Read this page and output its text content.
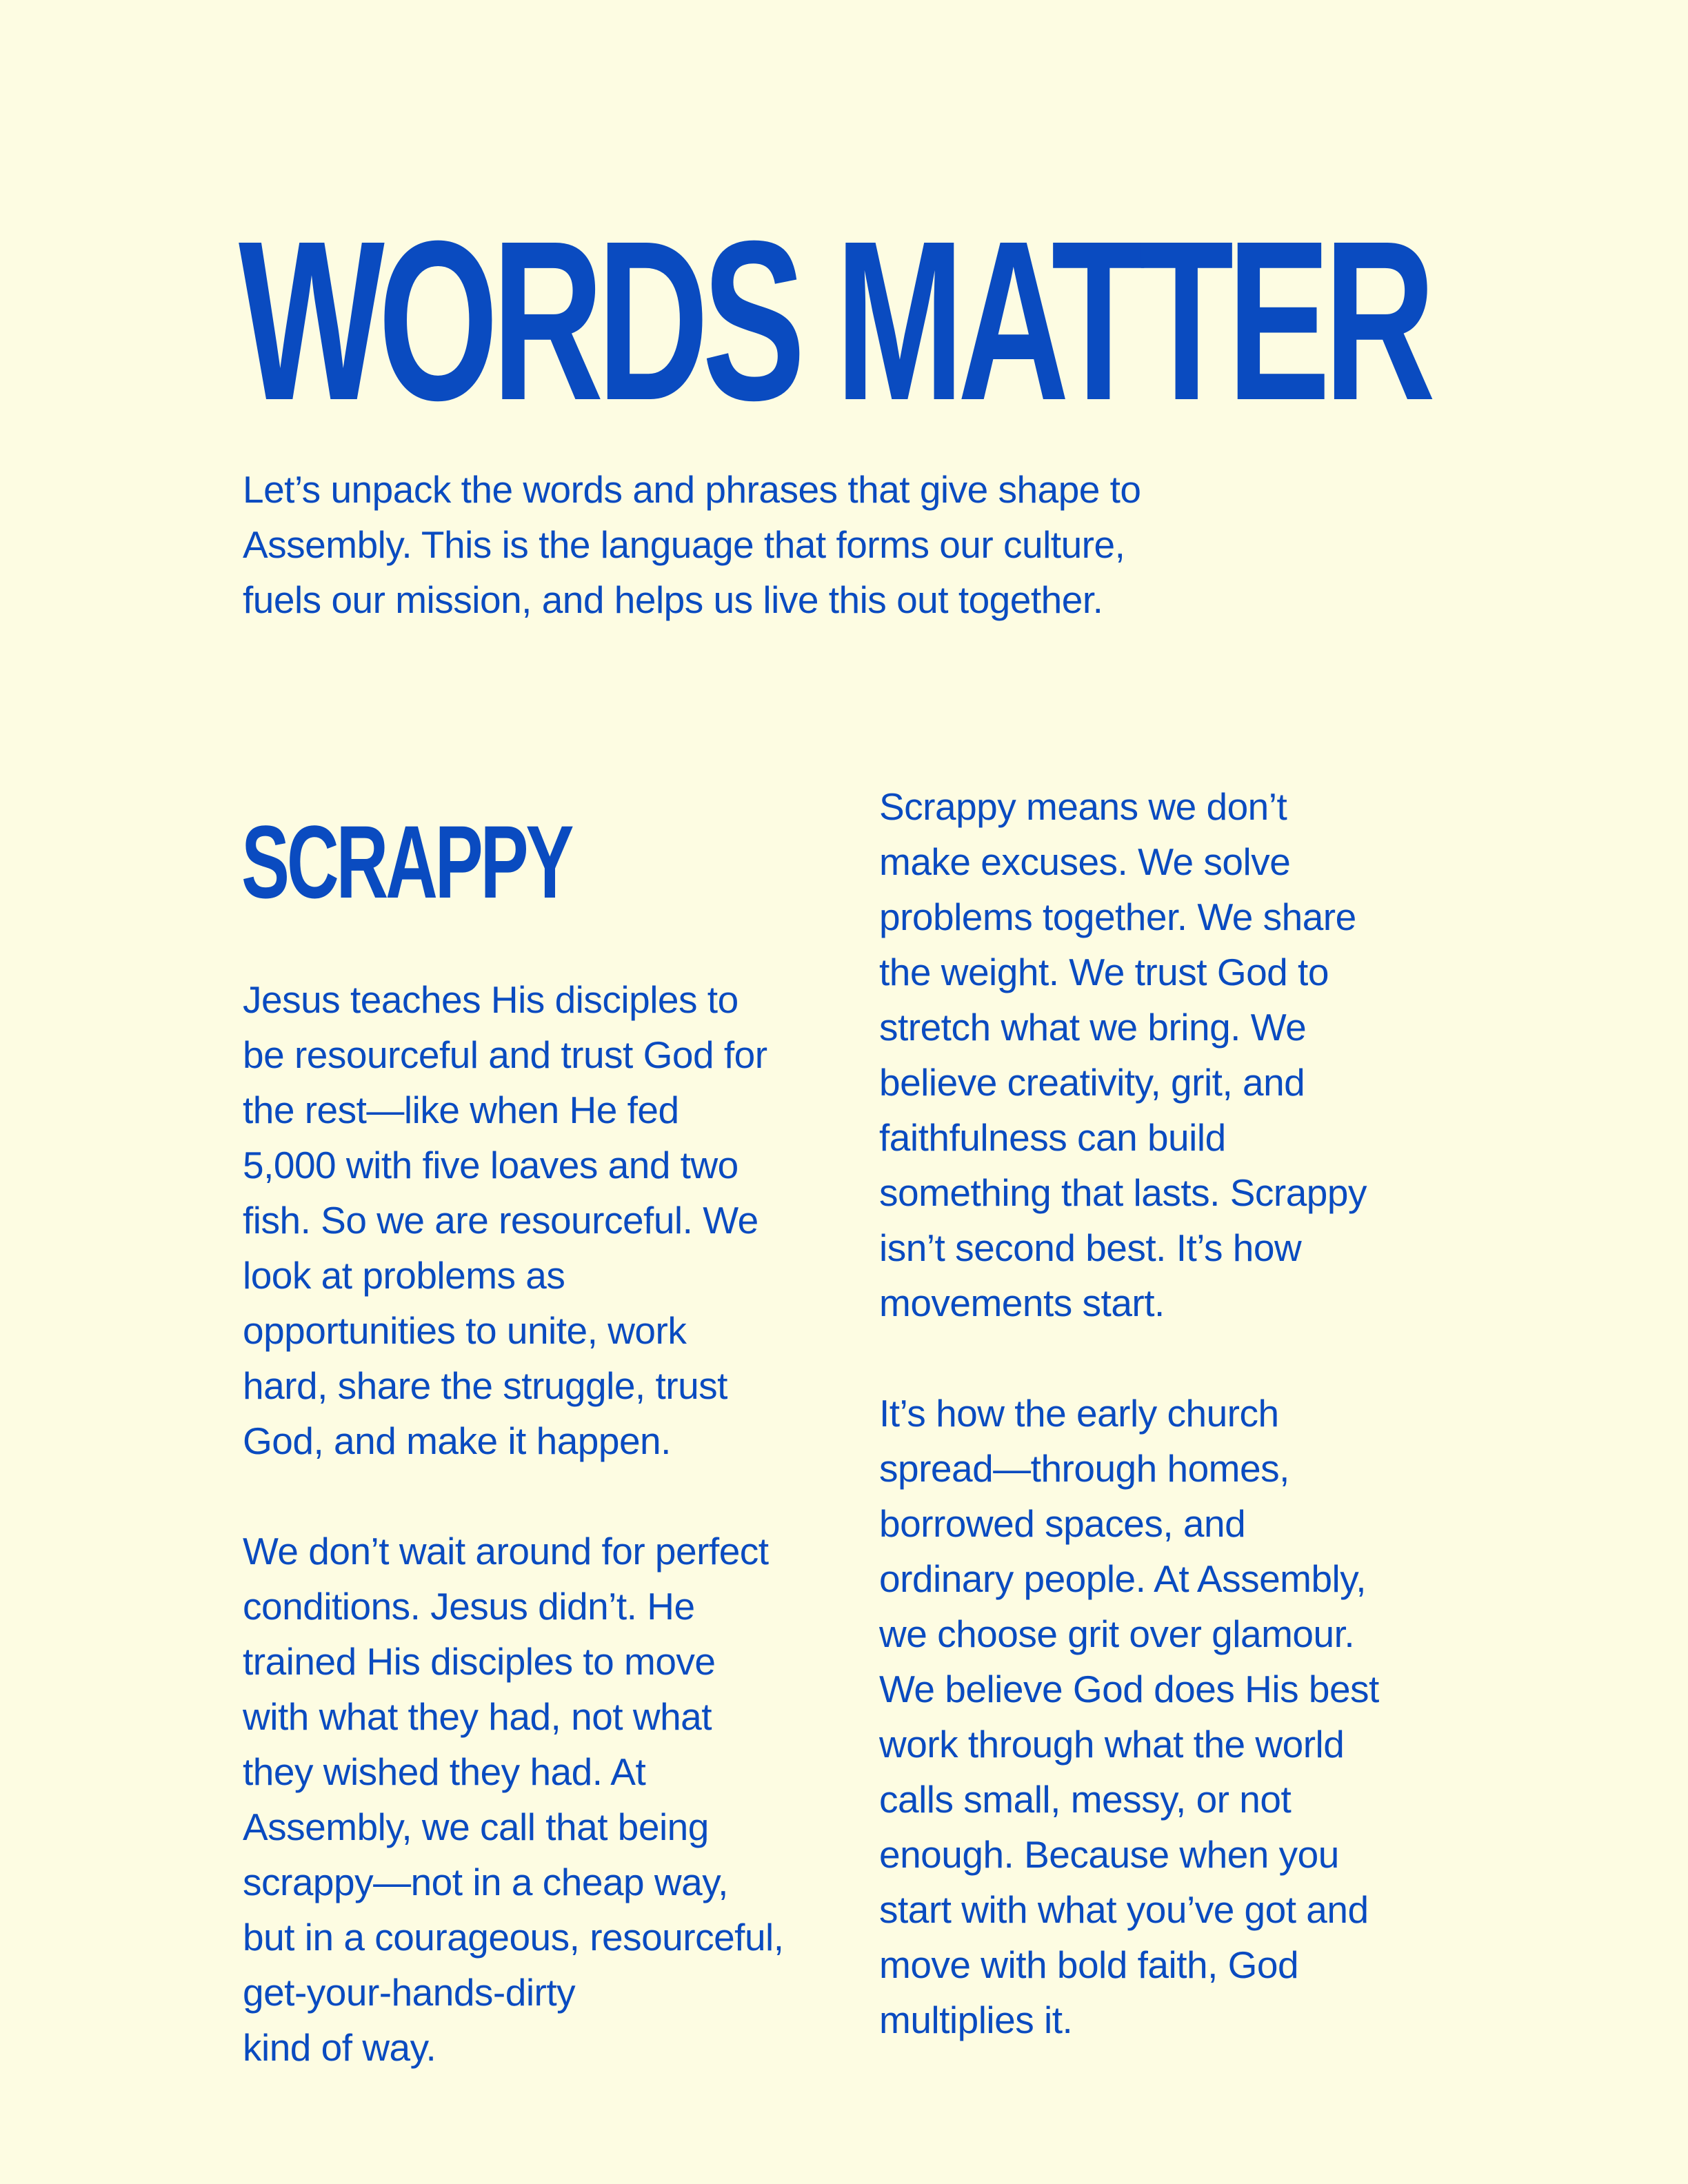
WORDS MATTER

Let’s unpack the words and phrases that give shape to
Assembly. This is the language that forms our culture,
fuels our mission, and helps us live this out together.

SCRAPPY

Jesus teaches His disciples to
be resourceful and trust God for
the rest—like when He fed
5,000 with five loaves and two
fish. So we are resourceful. We
look at problems as
opportunities to unite, work
hard, share the struggle, trust
God, and make it happen.

We don’t wait around for perfect
conditions. Jesus didn’t. He
trained His disciples to move
with what they had, not what
they wished they had. At
Assembly, we call that being
scrappy—not in a cheap way,
but in a courageous, resourceful,
get-your-hands-dirty
kind of way.

Scrappy means we don’t
make excuses. We solve
problems together. We share
the weight. We trust God to
stretch what we bring. We
believe creativity, grit, and
faithfulness can build
something that lasts. Scrappy
isn’t second best. It’s how
movements start.

It’s how the early church
spread—through homes,
borrowed spaces, and
ordinary people. At Assembly,
we choose grit over glamour.
We believe God does His best
work through what the world
calls small, messy, or not
enough. Because when you
start with what you’ve got and
move with bold faith, God
multiplies it.
